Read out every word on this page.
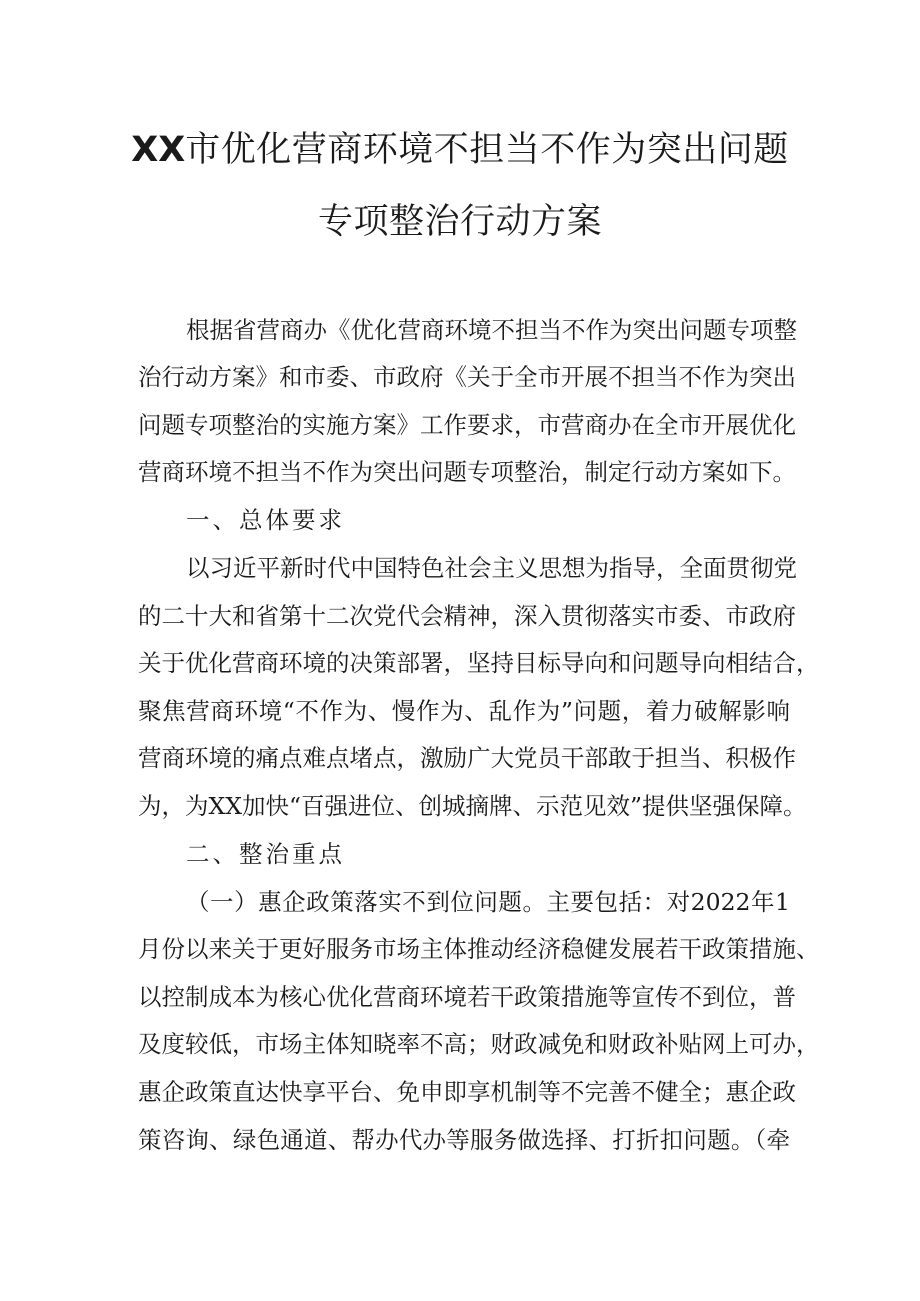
XX市优化营商环境不担当不作为突出问题
专项整治行动方案

根据省营商办《优化营商环境不担当不作为突出问题专项整

治行动方案》和市委、市政府《关于全市开展不担当不作为突出

问题专项整治的实施方案》工作要求，市营商办在全市开展优化

营商环境不担当不作为突出问题专项整治，制定行动方案如下。

一、总体要求

以习近平新时代中国特色社会主义思想为指导，全面贯彻党

的二十大和省第十二次党代会精神，深入贯彻落实市委、市政府

关于优化营商环境的决策部署，坚持目标导向和问题导向相结合，

聚焦营商环境“不作为、慢作为、乱作为”问题，着力破解影响

营商环境的痛点难点堵点，激励广大党员干部敢于担当、积极作

为，为XX加快“百强进位、创城摘牌、示范见效”提供坚强保障。

二、整治重点

（一）惠企政策落实不到位问题。主要包括：对2022年1

月份以来关于更好服务市场主体推动经济稳健发展若干政策措施、

以控制成本为核心优化营商环境若干政策措施等宣传不到位，普

及度较低，市场主体知晓率不高；财政减免和财政补贴网上可办，

惠企政策直达快享平台、免申即享机制等不完善不健全；惠企政

策咨询、绿色通道、帮办代办等服务做选择、打折扣问题。（牵
